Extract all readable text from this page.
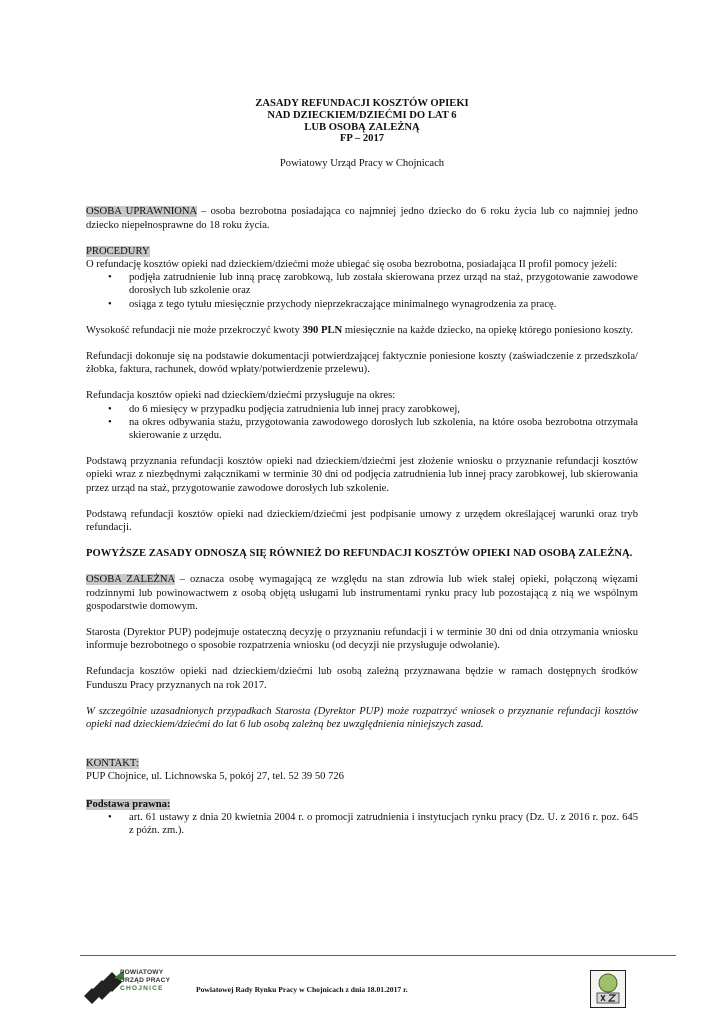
ZASADY REFUNDACJI KOSZTÓW OPIEKI
NAD DZIECKIEM/DZIEĆMI DO LAT 6
LUB OSOBĄ ZALEŻNĄ
FP – 2017
Powiatowy Urząd Pracy w Chojnicach

OSOBA UPRAWNIONA – osoba bezrobotna posiadająca co najmniej jedno dziecko do 6 roku życia lub co najmniej jedno dziecko niepełnosprawne do 18 roku życia.

PROCEDURY

O refundację kosztów opieki nad dzieckiem/dziećmi może ubiegać się osoba bezrobotna, posiadająca II profil pomocy jeżeli:

• podjęła zatrudnienie lub inną pracę zarobkową, lub została skierowana przez urząd na staż, przygotowanie zawodowe dorosłych lub szkolenie oraz
• osiąga z tego tytułu miesięcznie przychody nieprzekraczające minimalnego wynagrodzenia za pracę.

Wysokość refundacji nie może przekroczyć kwoty 390 PLN miesięcznie na każde dziecko, na opiekę którego poniesiono koszty.

Refundacji dokonuje się na podstawie dokumentacji potwierdzającej faktycznie poniesione koszty (zaświadczenie z przedszkola/żłobka, faktura, rachunek, dowód wpłaty/potwierdzenie przelewu).

Refundacja kosztów opieki nad dzieckiem/dziećmi przysługuje na okres:

• do 6 miesięcy w przypadku podjęcia zatrudnienia lub innej pracy zarobkowej,
• na okres odbywania stażu, przygotowania zawodowego dorosłych lub szkolenia, na które osoba bezrobotna otrzymała skierowanie z urzędu.

Podstawą przyznania refundacji kosztów opieki nad dzieckiem/dziećmi jest złożenie wniosku o przyznanie refundacji kosztów opieki wraz z niezbędnymi załącznikami w terminie 30 dni od podjęcia zatrudnienia lub innej pracy zarobkowej, lub skierowania przez urząd na staż, przygotowanie zawodowe dorosłych lub szkolenie.

Podstawą refundacji kosztów opieki nad dzieckiem/dziećmi jest podpisanie umowy z urzędem określającej warunki oraz tryb refundacji.

POWYŻSZE ZASADY ODNOSZĄ SIĘ RÓWNIEŻ DO REFUNDACJI KOSZTÓW OPIEKI NAD OSOBĄ ZALEŻNĄ.

OSOBA ZALEŻNA – oznacza osobę wymagającą ze względu na stan zdrowia lub wiek stałej opieki, połączoną więzami rodzinnymi lub powinowactwem z osobą objętą usługami lub instrumentami rynku pracy lub pozostającą z nią we wspólnym gospodarstwie domowym.

Starosta (Dyrektor PUP) podejmuje ostateczną decyzję o przyznaniu refundacji i w terminie 30 dni od dnia otrzymania wniosku informuje bezrobotnego o sposobie rozpatrzenia wniosku (od decyzji nie przysługuje odwołanie).

Refundacja kosztów opieki nad dzieckiem/dziećmi lub osobą zależną przyznawana będzie w ramach dostępnych środków Funduszu Pracy przyznanych na rok 2017.

W szczególnie uzasadnionych przypadkach Starosta (Dyrektor PUP) może rozpatrzyć wniosek o przyznanie refundacji kosztów opieki nad dzieckiem/dziećmi do lat 6 lub osobą zależną bez uwzględnienia niniejszych zasad.

KONTAKT:
PUP Chojnice, ul. Lichnowska 5, pokój 27, tel. 52 39 50 726
Podstawa prawna:
• art. 61 ustawy z dnia 20 kwietnia 2004 r. o promocji zatrudnienia i instytucjach rynku pracy (Dz. U. z 2016 r. poz. 645 z późn. zm.).
POWIATOWY
URZĄD PRACY
CHOJNICE	Powiatowej Rady Rynku Pracy w Chojnicach z dnia 18.01.2017 r.
